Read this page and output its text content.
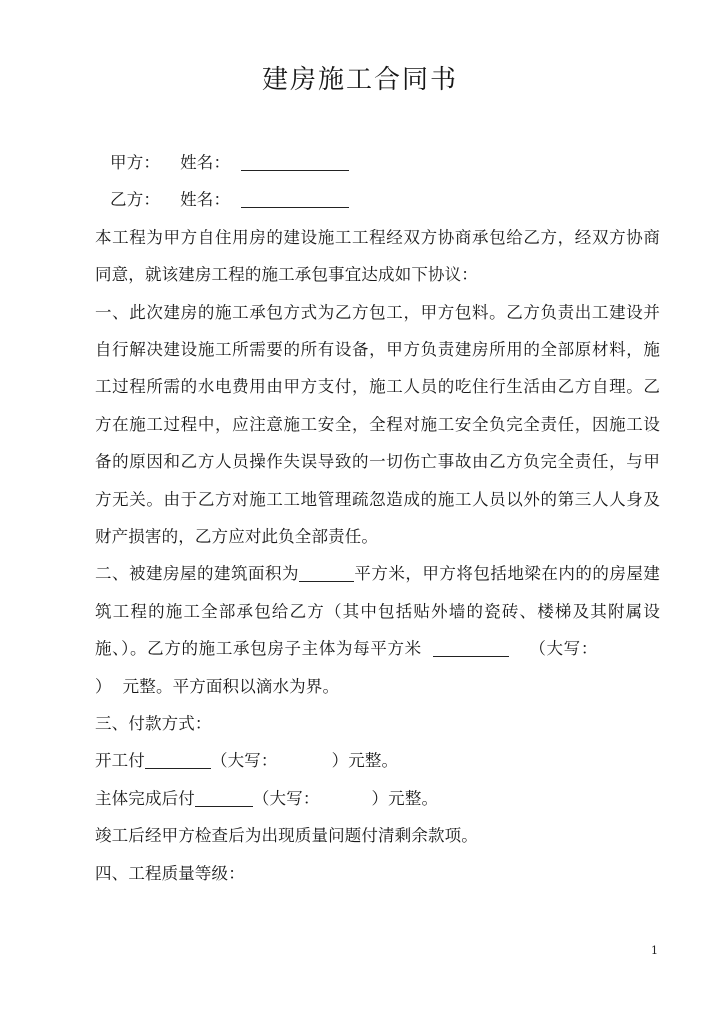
建房施工合同书
甲方： 姓名：
乙方： 姓名：

本工程为甲方自住用房的建设施工工程经双方协商承包给乙方，经双方协商同意，就该建房工程的施工承包事宜达成如下协议：

一、此次建房的施工承包方式为乙方包工，甲方包料。乙方负责出工建设并自行解决建设施工所需要的所有设备，甲方负责建房所用的全部原材料，施工过程所需的水电费用由甲方支付，施工人员的吃住行生活由乙方自理。乙方在施工过程中，应注意施工安全，全程对施工安全负完全责任，因施工设备的原因和乙方人员操作失误导致的一切伤亡事故由乙方负完全责任，与甲方无关。由于乙方对施工工地管理疏忽造成的施工人员以外的第三人人身及财产损害的，乙方应对此负全部责任。

二、被建房屋的建筑面积为	平方米，甲方将包括地梁在内的的房屋建筑工程的施工全部承包给乙方（其中包括贴外墙的瓷砖、楼梯及其附属设施、）。乙方的施工承包房子主体为每平方米	（大写：） 元整。平方面积以滴水为界。

三、付款方式：

开工付	（大写：	）元整。

主体完成后付	（大写：	）元整。

竣工后经甲方检查后为出现质量问题付清剩余款项。

四、工程质量等级：

1
